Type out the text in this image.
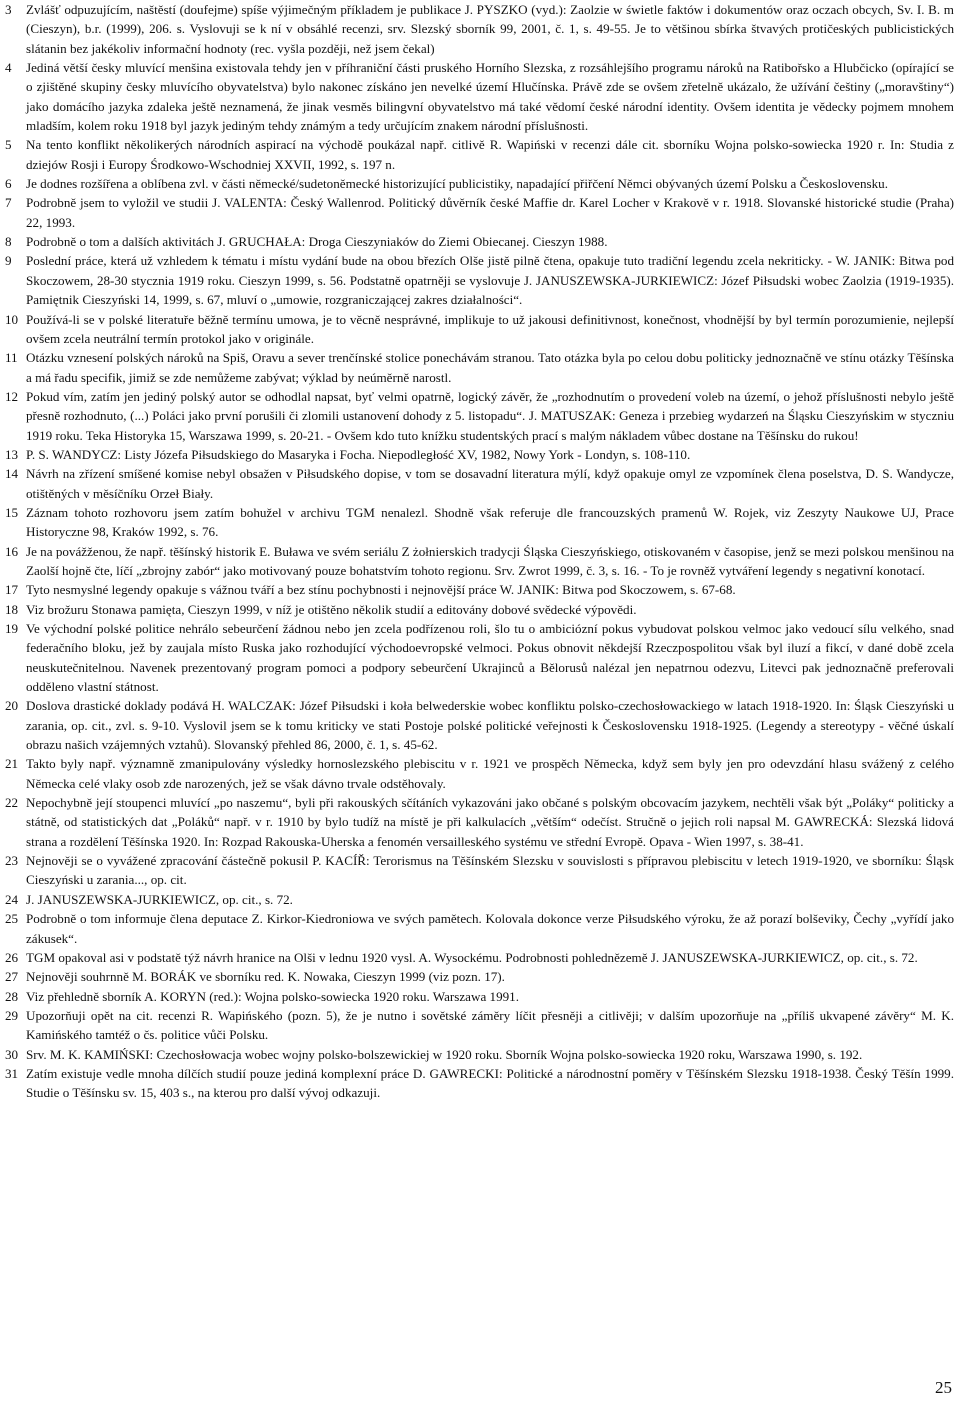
3 Zvlášť odpuzujícím, naštěstí (doufejme) spíše výjimečným příkladem je publikace J. PYSZKO (vyd.): Zaolzie w świetle faktów i dokumentów oraz oczach obcych, Sv. I. B. m (Cieszyn), b.r. (1999), 206. s. Vyslovuji se k ní v obsáhlé recenzi, srv. Slezský sborník 99, 2001, č. 1, s. 49-55. Je to většinou sbírka štvavých protičeských publicistických slátanin bez jakékoliv informační hodnoty (rec. vyšla později, než jsem čekal)
4 Jediná větší česky mluvící menšina existovala tehdy jen v příhraniční části pruského Horního Slezska, z rozsáhlejšího programu nároků na Ratibořsko a Hlubčicko (opírající se o zjištěné skupiny česky mluvícího obyvatelstva) bylo nakonec získáno jen nevelké území Hlučínska. Právě zde se ovšem zřetelně ukázalo, že užívání češtiny („moravštiny“) jako domácího jazyka zdaleka ještě neznamená, že jinak vesměs bilingvní obyvatelstvo má také vědomí české národní identity. Ovšem identita je vědecky pojmem mnohem mladším, kolem roku 1918 byl jazyk jediným tehdy známým a tedy určujícím znakem národní příslušnosti.
5 Na tento konflikt několikerých národních aspirací na východě poukázal např. citlivě R. Wapiński v recenzi dále cit. sborníku Wojna polsko-sowiecka 1920 r. In: Studia z dziejów Rosji i Europy Środkowo-Wschodniej XXVII, 1992, s. 197 n.
6 Je dodnes rozšířena a oblíbena zvl. v části německé/sudetoněmecké historizující publicistiky, napadající přiřčení Němci obývaných území Polsku a Československu.
7 Podrobně jsem to vyložil ve studii J. VALENTA: Český Wallenrod. Politický důvěrník české Maffie dr. Karel Locher v Krakově v r. 1918. Slovanské historické studie (Praha) 22, 1993.
8 Podrobně o tom a dalších aktivitách J. GRUCHAŁA: Droga Cieszyniaków do Ziemi Obiecanej. Cieszyn 1988.
9 Poslední práce, která už vzhledem k tématu i místu vydání bude na obou březích Olše jistě pilně čtena, opakuje tuto tradiční legendu zcela nekriticky. - W. JANIK: Bitwa pod Skoczowem, 28-30 stycznia 1919 roku. Cieszyn 1999, s. 56. Podstatně opatrněji se vyslovuje J. JANUSZEWSKA-JURKIEWICZ: Józef Piłsudski wobec Zaolzia (1919-1935). Pamiętnik Cieszyński 14, 1999, s. 67, mluví o „umowie, rozgraniczającej zakres działalności“.
10 Používá-li se v polské literatuře běžně termínu umowa, je to věcně nesprávné, implikuje to už jakousi definitivnost, konečnost, vhodnější by byl termín porozumienie, nejlepší ovšem zcela neutrální termín protokol jako v originále.
11 Otázku vznesení polských nároků na Spiš, Oravu a sever trenčínské stolice ponechávám stranou. Tato otázka byla po celou dobu politicky jednoznačně ve stínu otázky Těšínska a má řadu specifik, jimiž se zde nemůžeme zabývat; výklad by neúměrně narostl.
12 Pokud vím, zatím jen jediný polský autor se odhodlal napsat, byť velmi opatrně, logický závěr, že „rozhodnutím o provedení voleb na území, o jehož příslušnosti nebylo ještě přesně rozhodnuto, (...) Poláci jako první porušili či zlomili ustanovení dohody z 5. listopadu“. J. MATUSZAK: Geneza i przebieg wydarzeń na Śląsku Cieszyńskim w styczniu 1919 roku. Teka Historyka 15, Warszawa 1999, s. 20-21. - Ovšem kdo tuto knížku studentských prací s malým nákladem vůbec dostane na Těšínsku do rukou!
13 P. S. WANDYCZ: Listy Józefa Piłsudskiego do Masaryka i Focha. Niepodległość XV, 1982, Nowy York - Londyn, s. 108-110.
14 Návrh na zřízení smíšené komise nebyl obsažen v Piłsudského dopise, v tom se dosavadní literatura mýlí, když opakuje omyl ze vzpomínek člena poselstva, D. S. Wandycze, otištěných v měsíčníku Orzeł Biały.
15 Záznam tohoto rozhovoru jsem zatím bohužel v archivu TGM nenalezl. Shodně však referuje dle francouzských pramenů W. Rojek, viz Zeszyty Naukowe UJ, Prace Historyczne 98, Kraków 1992, s. 76.
16 Je na povážženou, že např. těšínský historik E. Buława ve svém seriálu Z żołnierskich tradycji Śląska Cieszyńskiego, otiskovaném v časopise, jenž se mezi polskou menšinou na Zaolší hojně čte, líčí „zbrojny zabór“ jako motivovaný pouze bohatstvím tohoto regionu. Srv. Zwrot 1999, č. 3, s. 16. - To je rovněž vytváření legendy s negativní konotací.
17 Tyto nesmyslné legendy opakuje s vážnou tváří a bez stínu pochybnosti i nejnovější práce W. JANIK: Bitwa pod Skoczowem, s. 67-68.
18 Viz brožuru Stonawa pamięta, Cieszyn 1999, v níž je otištěno několik studií a editovány dobové svědecké výpovědi.
19 Ve východní polské politice nehrálo sebeurčení žádnou nebo jen zcela podřízenou roli, šlo tu o ambiciózní pokus vybudovat polskou velmoc jako vedoucí sílu velkého, snad federačního bloku, jež by zaujala místo Ruska jako rozhodující východoevropské velmoci. Pokus obnovit někdejší Rzeczpospolitou však byl iluzí a fikcí, v dané době zcela neuskutečnitelnou. Navenek prezentovaný program pomoci a podpory sebeurčení Ukrajinců a Bělorusů nalézal jen nepatrnou odezvu, Litevci pak jednoznačně preferovali odděleno vlastní státnost.
20 Doslova drastické doklady podává H. WALCZAK: Józef Piłsudski i koła belwederskie wobec konfliktu polsko-czechosłowackiego w latach 1918-1920. In: Śląsk Cieszyński u zarania, op. cit., zvl. s. 9-10. Vyslovil jsem se k tomu kriticky ve stati Postoje polské politické veřejnosti k Československu 1918-1925. (Legendy a stereotypy - věčné úskalí obrazu našich vzájemných vztahů). Slovanský přehled 86, 2000, č. 1, s. 45-62.
21 Takto byly např. významně zmanipulovány výsledky hornoslezského plebiscitu v r. 1921 ve prospěch Německa, když sem byly jen pro odevzdání hlasu svážený z celého Německa celé vlaky osob zde narozených, jež se však dávno trvale odstěhovaly.
22 Nepochybně její stoupenci mluvící „po naszemu“, byli při rakouských sčítáních vykazováni jako občané s polským obcovacím jazykem, nechtěli však být „Poláky“ politicky a státně, od statistických dat „Poláků“ např. v r. 1910 by bylo tudíž na místě je při kalkulacích „větším“ odečíst. Stručně o jejich roli napsal M. GAWRECKÁ: Slezská lidová strana a rozdělení Těšínska 1920. In: Rozpad Rakouska-Uherska a fenomén versailleského systému ve střední Evropě. Opava - Wien 1997, s. 38-41.
23 Nejnověji se o vyvážené zpracování částečně pokusil P. KACÍŘ: Terorismus na Těšínském Slezsku v souvislosti s přípravou plebiscitu v letech 1919-1920, ve sborníku: Śląsk Cieszyński u zarania..., op. cit.
24 J. JANUSZEWSKA-JURKIEWICZ, op. cit., s. 72.
25 Podrobně o tom informuje člena deputace Z. Kirkor-Kiedroniowa ve svých pamětech. Kolovala dokonce verze Piłsudského výroku, že až porazí bolševiky, Čechy „vyřídí jako zákusek“.
26 TGM opakoval asi v podstatě týž návrh hranice na Olši v lednu 1920 vysl. A. Wysockému. Podrobnosti pohlednězemě J. JANUSZEWSKA-JURKIEWICZ, op. cit., s. 72.
27 Nejnověji souhrnně M. BORÁK ve sborníku red. K. Nowaka, Cieszyn 1999 (viz pozn. 17).
28 Viz přehledně sborník A. KORYN (red.): Wojna polsko-sowiecka 1920 roku. Warszawa 1991.
29 Upozorňuji opět na cit. recenzi R. Wapińského (pozn. 5), že je nutno i sovětské záměry líčit přesněji a citlivěji; v dalším upozorňuje na „příliš ukvapené závěry“ M. K. Kamińského tamtéž o čs. politice vůči Polsku.
30 Srv. M. K. KAMIŃSKI: Czechosłowacja wobec wojny polsko-bolszewickiej w 1920 roku. Sborník Wojna polsko-sowiecka 1920 roku, Warszawa 1990, s. 192.
31 Zatím existuje vedle mnoha dílčích studií pouze jediná komplexní práce D. GAWRECKI: Politické a národnostní poměry v Těšínském Slezsku 1918-1938. Český Těšín 1999. Studie o Těšínsku sv. 15, 403 s., na kterou pro další vývoj odkazuji.
25
